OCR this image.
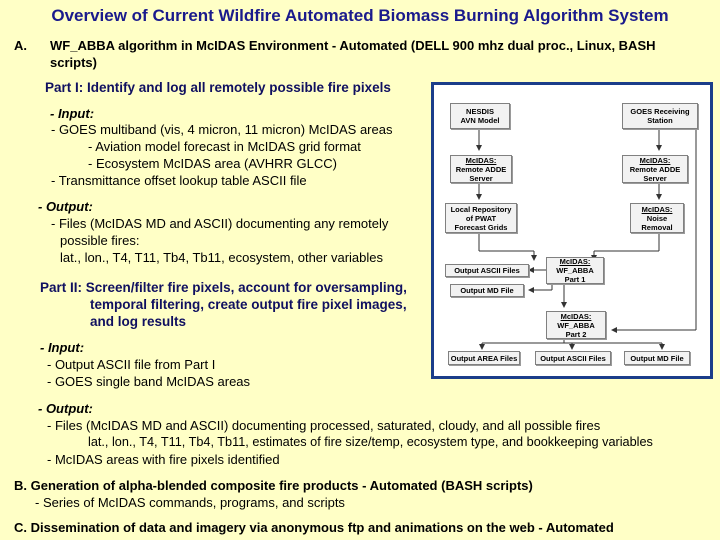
Overview of Current Wildfire Automated Biomass Burning Algorithm System
A. WF_ABBA algorithm in McIDAS Environment - Automated (DELL 900 mhz dual proc., Linux, BASH
scripts)
Part I: Identify and log all remotely possible fire pixels
- Input:
- GOES multiband (vis, 4 micron, 11 micron) McIDAS areas
- Aviation model forecast in McIDAS grid format
- Ecosystem McIDAS area (AVHRR GLCC)
- Transmittance offset lookup table ASCII file
- Output:
- Files (McIDAS MD and ASCII) documenting any remotely
possible fires:
lat., lon., T4, T11, Tb4, Tb11, ecosystem, other variables
Part II: Screen/filter fire pixels, account for oversampling,
temporal filtering, create output fire pixel images,
and log results
- Input:
- Output ASCII file from Part I
- GOES single band McIDAS areas
- Output:
- Files (McIDAS MD and ASCII) documenting processed, saturated, cloudy, and all possible fires
lat., lon., T4, T11, Tb4, Tb11, estimates of fire size/temp, ecosystem type, and bookkeeping variables
- McIDAS areas with fire pixels identified
B. Generation of alpha-blended composite fire products - Automated (BASH scripts)
- Series of McIDAS commands, programs, and scripts
C. Dissemination of data and imagery via anonymous ftp and animations on the web - Automated
NESDIS
AVN Model
GOES Receiving
Station
McIDAS:
Remote ADDE
Server
McIDAS:
Remote ADDE
Server
Local Repository
of PWAT
Forecast Grids
McIDAS:
Noise
Removal
McIDAS:
WF_ABBA
Part 1
Output ASCII Files
Output MD File
McIDAS:
WF_ABBA
Part 2
Output AREA Files	Output ASCII Files	Output MD File
